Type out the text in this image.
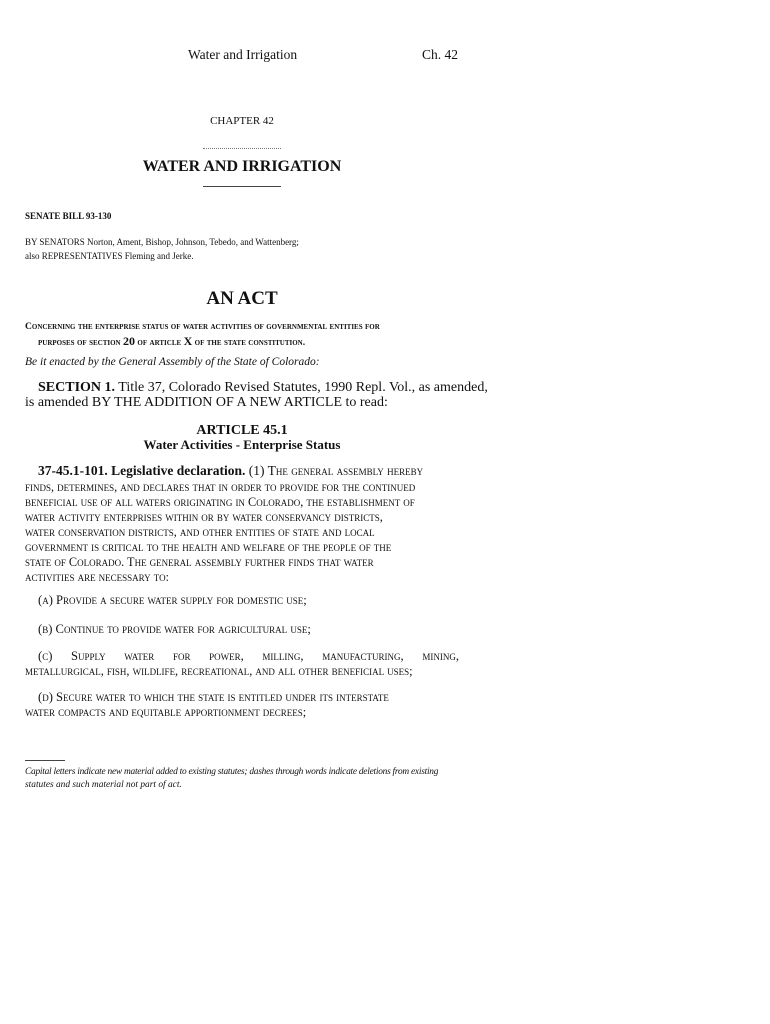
Water and Irrigation	Ch. 42
CHAPTER 42
WATER AND IRRIGATION
SENATE BILL 93-130
BY SENATORS Norton, Ament, Bishop, Johnson, Tebedo, and Wattenberg;
also REPRESENTATIVES Fleming and Jerke.
AN ACT
Concerning the enterprise status of water activities of governmental entities for
purposes of section 20 of article X of the state constitution.
Be it enacted by the General Assembly of the State of Colorado:
SECTION 1. Title 37, Colorado Revised Statutes, 1990 Repl. Vol., as amended,
is amended BY THE ADDITION OF A NEW ARTICLE to read:
ARTICLE 45.1
Water Activities - Enterprise Status
37-45.1-101. Legislative declaration. (1) The general assembly hereby
finds, determines, and declares that in order to provide for the continued
beneficial use of all waters originating in Colorado, the establishment of
water activity enterprises within or by water conservancy districts,
water conservation districts, and other entities of state and local
government is critical to the health and welfare of the people of the
state of Colorado. The general assembly further finds that water
activities are necessary to:
(a) Provide a secure water supply for domestic use;
(b) Continue to provide water for agricultural use;
(c) Supply water for power, milling, manufacturing, mining,
metallurgical, fish, wildlife, recreational, and all other beneficial uses;
(d) Secure water to which the state is entitled under its interstate
water compacts and equitable apportionment decrees;
Capital letters indicate new material added to existing statutes; dashes through words indicate deletions from existing
statutes and such material not part of act.
